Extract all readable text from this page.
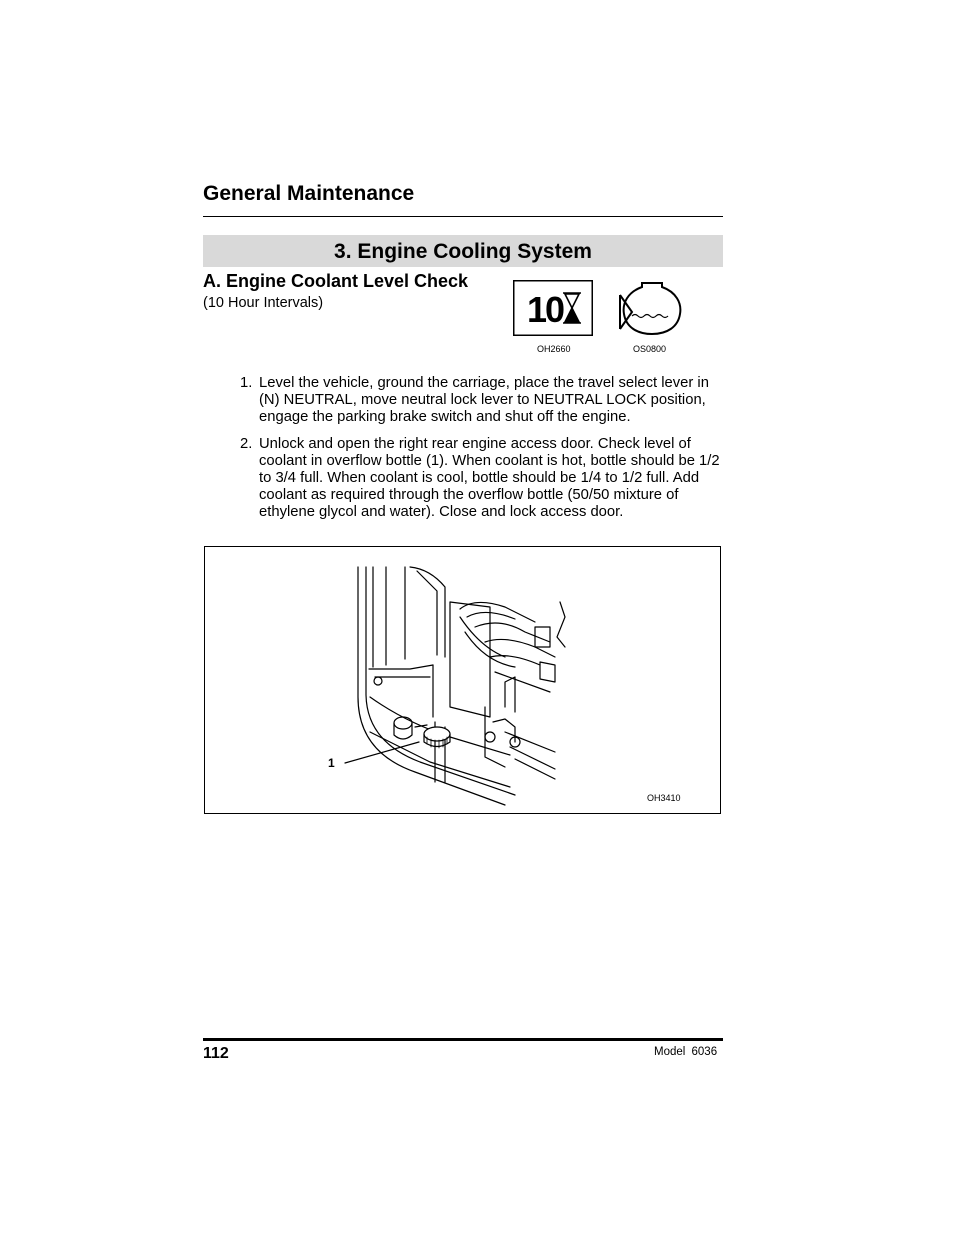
General Maintenance
3. Engine Cooling System
A. Engine Coolant Level Check
(10 Hour Intervals)	10
OH2660	OS0800
1. Level the vehicle, ground the carriage, place the travel select lever in (N) NEUTRAL, move neutral lock lever to NEUTRAL LOCK position, engage the parking brake switch and shut off the engine.
2. Unlock and open the right rear engine access door. Check level of coolant in overflow bottle (1). When coolant is hot, bottle should be 1/2 to 3/4 full. When coolant is cool, bottle should be 1/4 to 1/2 full. Add coolant as required through the overflow bottle (50/50 mixture of ethylene glycol and water). Close and lock access door.
1
OH3410
112	Model 6036
